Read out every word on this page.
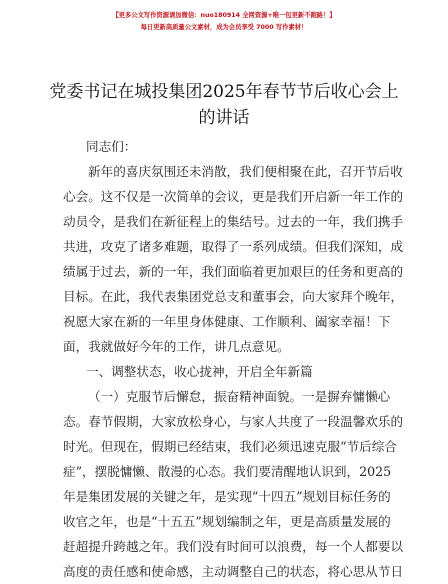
【更多公文写作资源请加微信：nuo180914 全网资源+唯一包更新不跑路！】
每日更新高质量公文素材，成为会员享受 7000 写作素材！
党委书记在城投集团2025年春节节后收心会上
的讲话
同志们：
新年的喜庆氛围还未消散，我们便相聚在此，召开节后收
心会。这不仅是一次简单的会议，更是我们开启新一年工作的
动员令，是我们在新征程上的集结号。过去的一年，我们携手
共进，攻克了诸多难题，取得了一系列成绩。但我们深知，成
绩属于过去，新的一年，我们面临着更加艰巨的任务和更高的
目标。在此，我代表集团党总支和董事会，向大家拜个晚年，
祝愿大家在新的一年里身体健康、工作顺利、阖家幸福！下
面，我就做好今年的工作，讲几点意见。
一、调整状态，收心拢神，开启全年新篇
（一）克服节后懈怠，振奋精神面貌。一是摒弃慵懒心
态。春节假期，大家放松身心，与家人共度了一段温馨欢乐的
时光。但现在，假期已经结束，我们必须迅速克服“节后综合
症”，摆脱慵懒、散漫的心态。我们要清醒地认识到，2025
年是集团发展的关键之年，是实现“十四五”规划目标任务的
收官之年，也是“十五五”规划编制之年，更是高质量发展的
赶超提升跨越之年。我们没有时间可以浪费，每一个人都要以
高度的责任感和使命感，主动调整自己的状态，将心思从节日
